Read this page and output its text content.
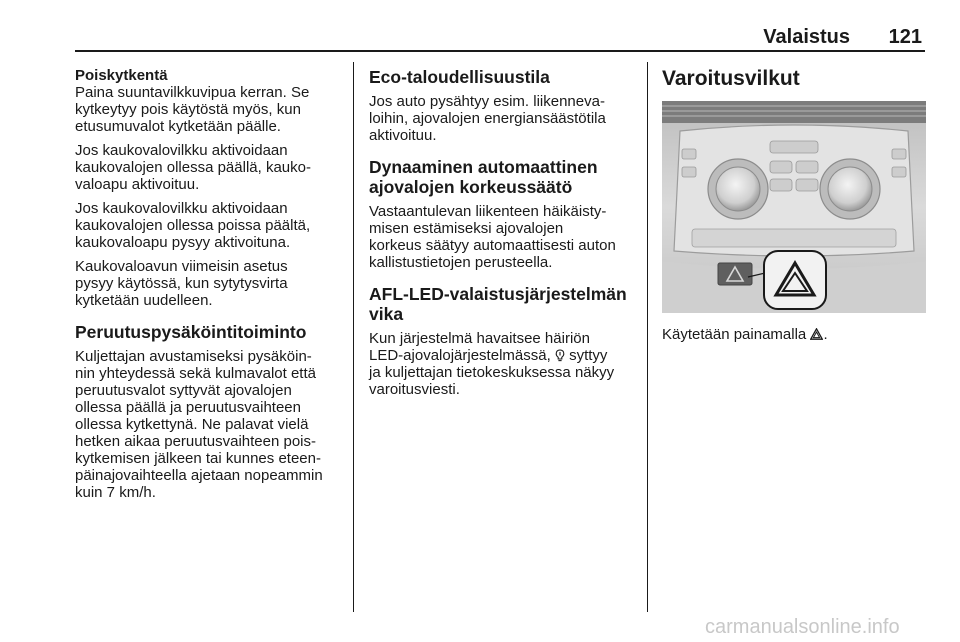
Valaistus	121

Poiskytkentä

Paina suuntavilkkuvipua kerran. Se
kytkeytyy pois käytöstä myös, kun
etusumuvalot kytketään päälle.

Jos kaukovalovilkku aktivoidaan
kaukovalojen ollessa päällä, kauko-
valoapu aktivoituu.

Jos kaukovalovilkku aktivoidaan
kaukovalojen ollessa poissa päältä,
kaukovaloapu pysyy aktivoituna.

Kaukovaloavun viimeisin asetus
pysyy käytössä, kun sytytysvirta
kytketään uudelleen.

Peruutuspysäköintitoiminto

Kuljettajan avustamiseksi pysäköin-
nin yhteydessä sekä kulmavalot että
peruutusvalot syttyvät ajovalojen
ollessa päällä ja peruutusvaihteen
ollessa kytkettynä. Ne palavat vielä
hetken aikaa peruutusvaihteen pois-
kytkemisen jälkeen tai kunnes eteen-
päinajovaihteella ajetaan nopeammin
kuin 7 km/h.

Eco-taloudellisuustila

Jos auto pysähtyy esim. liikenneva-
loihin, ajovalojen energiansäästötila
aktivoituu.

Dynaaminen automaattinen
ajovalojen korkeussäätö

Vastaantulevan liikenteen häikäisty-
misen estämiseksi ajovalojen
korkeus säätyy automaattisesti auton
kallistustietojen perusteella.

AFL-LED-valaistusjärjestelmän
vika

Kun järjestelmä havaitsee häiriön
LED-ajovalojärjestelmässä,  syttyy
ja kuljettajan tietokeskuksessa näkyy
varoitusviesti.

Varoitusvilkut

Käytetään painamalla .

carmanualsonline.info
